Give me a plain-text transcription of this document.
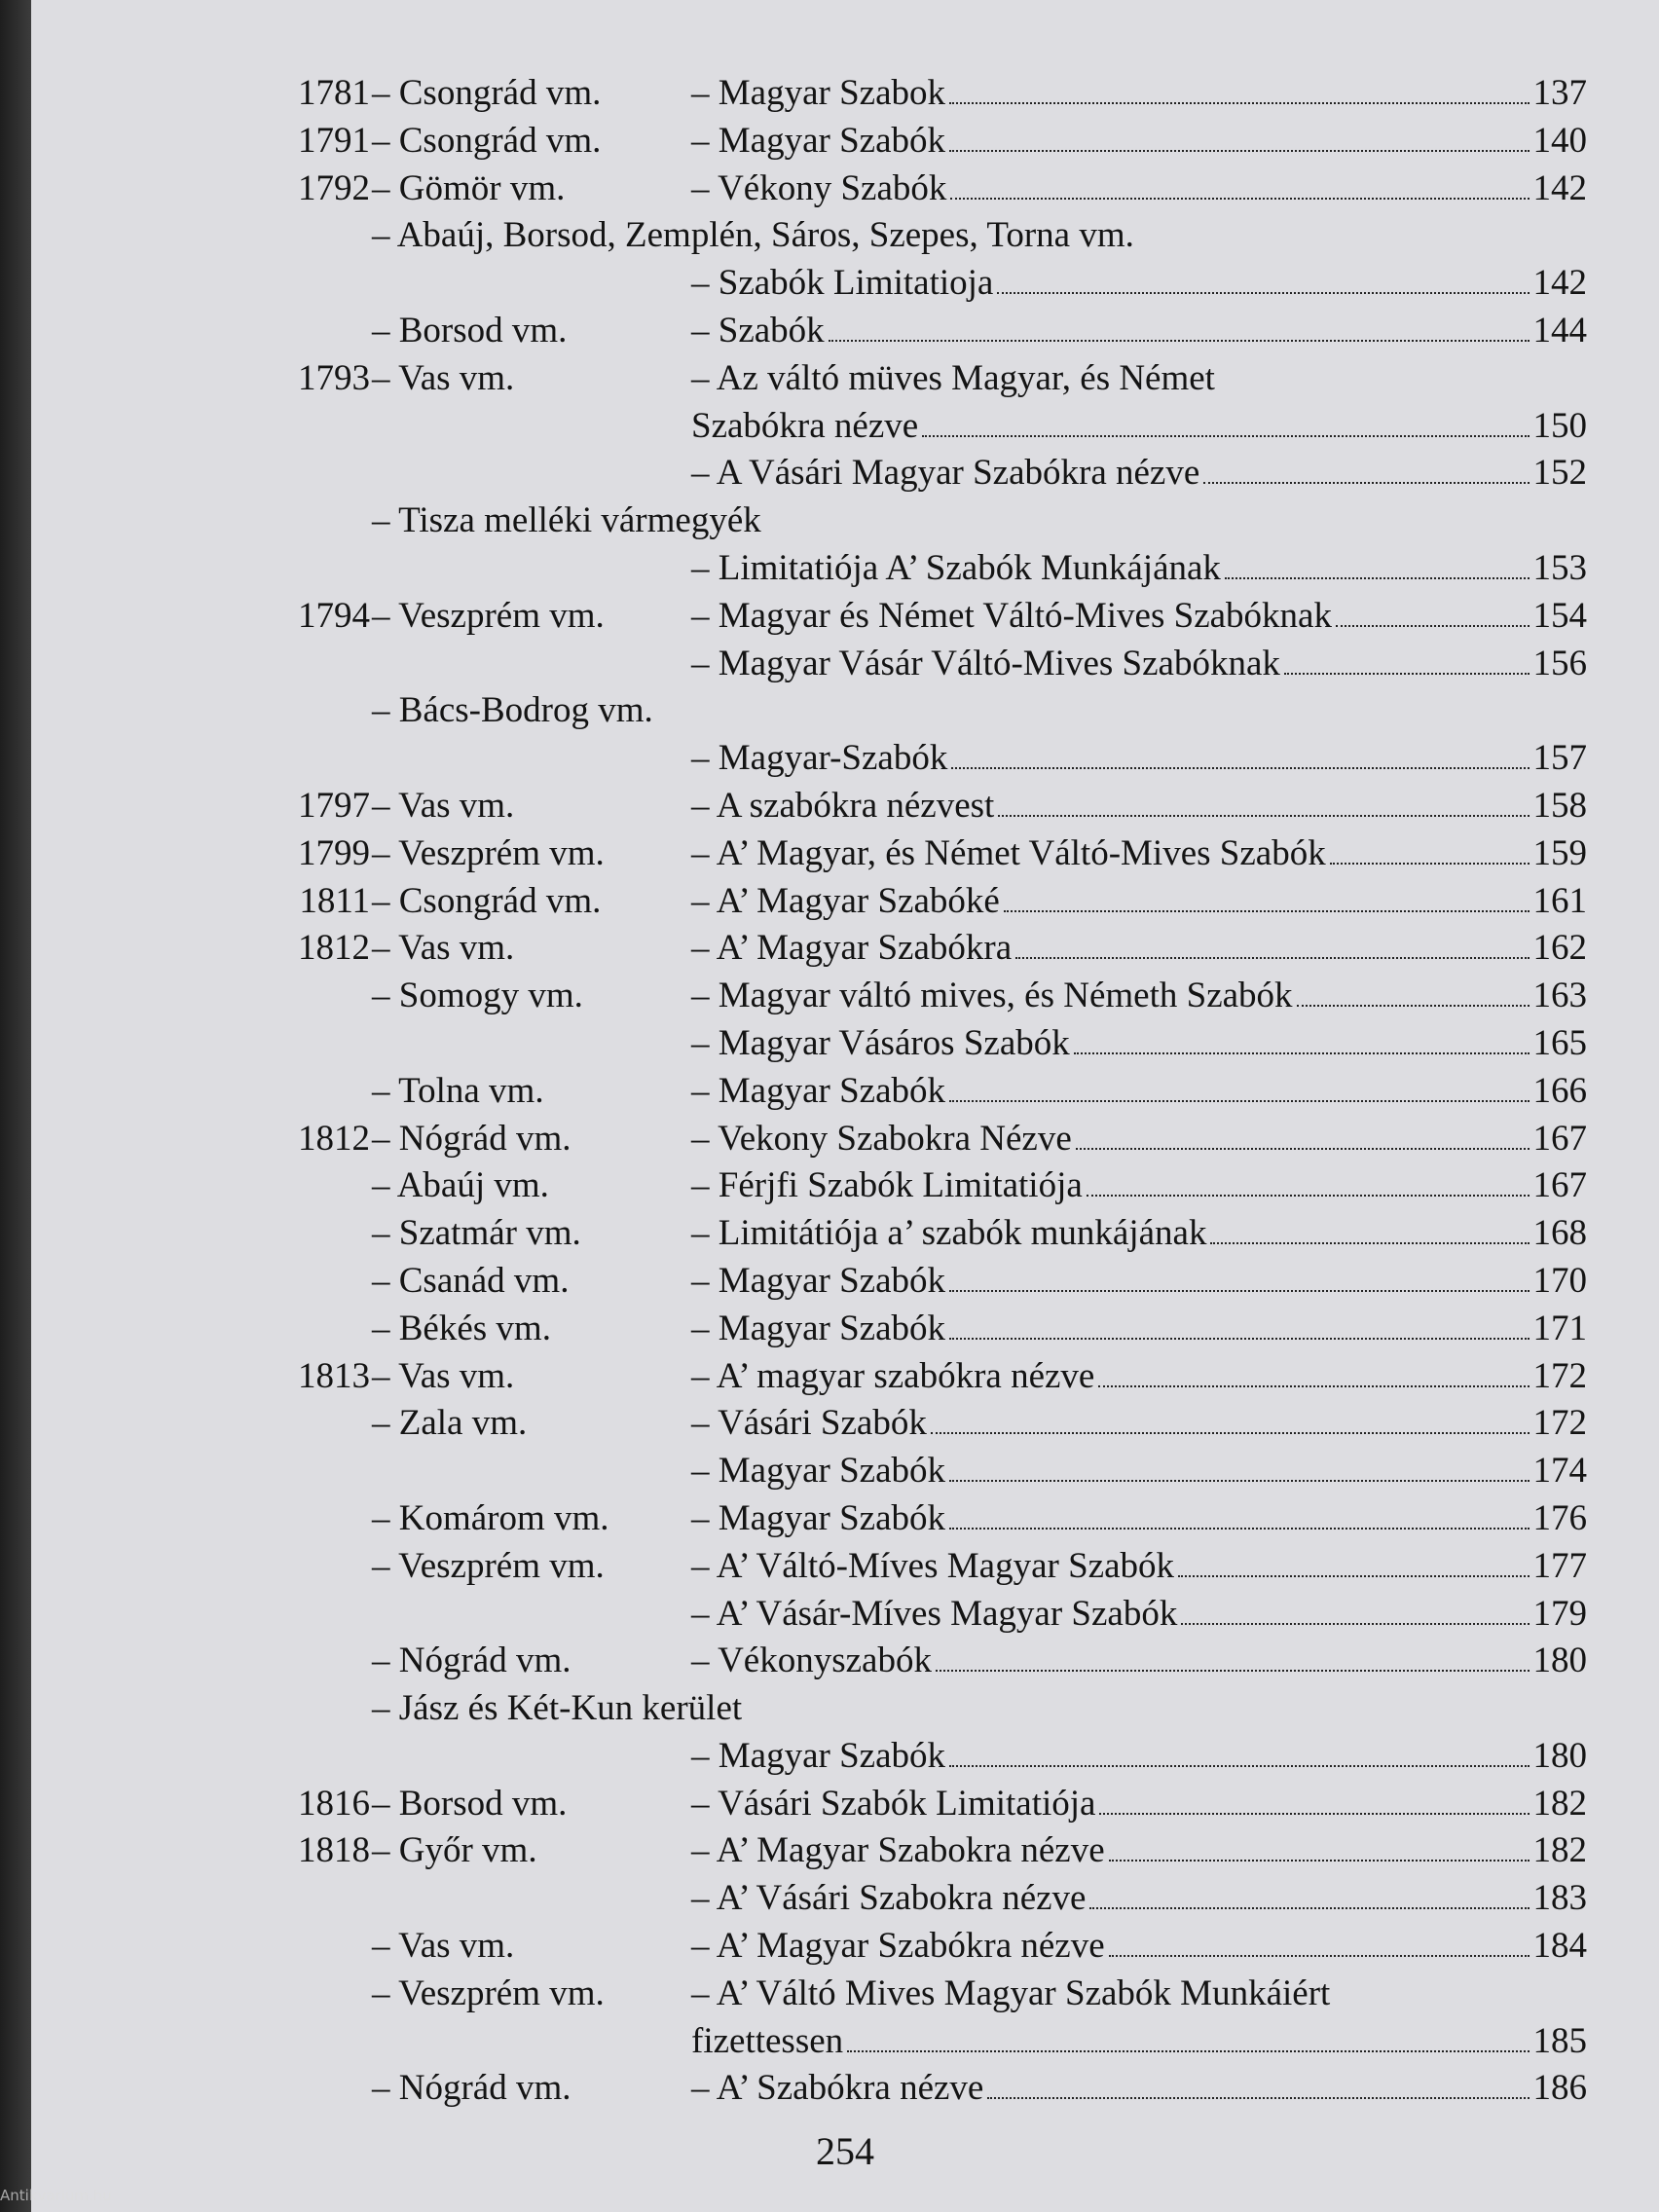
1781 – Csongrád vm.	– Magyar Szabok	137
1791 – Csongrád vm.	– Magyar Szabók	140
1792 – Gömör vm.	– Vékony Szabók	142
– Abaúj, Borsod, Zemplén, Sáros, Szepes, Torna vm.
– Szabók Limitatioja	142
– Borsod vm.	– Szabók	144
1793 – Vas vm.	– Az váltó müves Magyar, és Német
Szabókra nézve	150
– A Vásári Magyar Szabókra nézve	152
– Tisza melléki vármegyék
– Limitatiója A’ Szabók Munkájának	153
1794 – Veszprém vm. – Magyar és Német Váltó-Mives Szabóknak	154
– Magyar Vásár Váltó-Mives Szabóknak	156
– Bács-Bodrog vm.
– Magyar-Szabók	157
1797 – Vas vm.	– A szabókra nézvest	158
1799 – Veszprém vm. – A’ Magyar, és Német Váltó-Mives Szabók	159
1811 – Csongrád vm.	– A’ Magyar Szabóké	161
1812 – Vas vm.	– A’ Magyar Szabókra	162
– Somogy vm.	– Magyar váltó mives, és Németh Szabók	163
– Magyar Vásáros Szabók	165
– Tolna vm.	– Magyar Szabók	166
1812 – Nógrád vm.	– Vekony Szabokra Nézve	167
– Abaúj vm.	– Férjfi Szabók Limitatiója	167
– Szatmár vm.	– Limitátiója a’ szabók munkájának	168
– Csanád vm.	– Magyar Szabók	170
– Békés vm.	– Magyar Szabók	171
1813 – Vas vm.	– A’ magyar szabókra nézve	172
– Zala vm.	– Vásári Szabók	172
– Magyar Szabók	174
– Komárom vm. – Magyar Szabók	176
– Veszprém vm. – A’ Váltó-Míves Magyar Szabók	177
– A’ Vásár-Míves Magyar Szabók	179
– Nógrád vm.	– Vékonyszabók	180
– Jász és Két-Kun kerület
– Magyar Szabók	180
1816 – Borsod vm.	– Vásári Szabók Limitatiója	182
1818 – Győr vm.	– A’ Magyar Szabokra nézve	182
– A’ Vásári Szabokra nézve	183
– Vas vm.	– A’ Magyar Szabókra nézve	184
– Veszprém vm. – A’ Váltó Mives Magyar Szabók Munkáiért
fizettessen	185
– Nógrád vm.	– A’ Szabókra nézve	186
254
Antikvarium.hu
